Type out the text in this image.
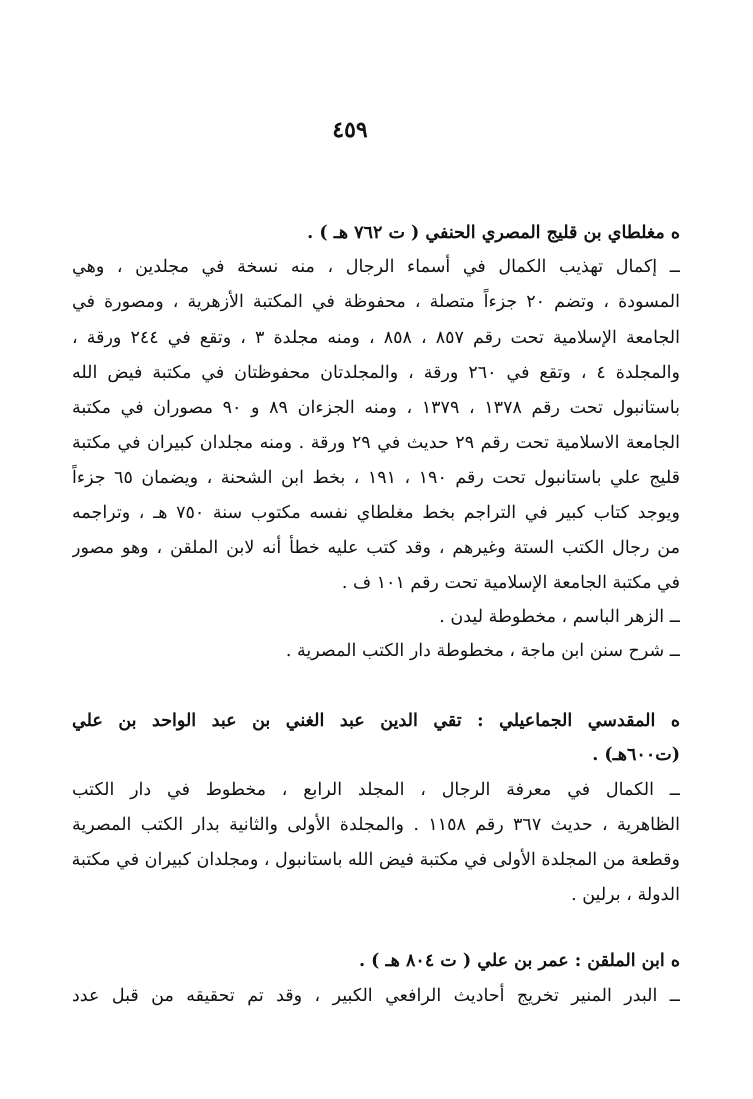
٤٥٩
ه مغلطاي بن قليج المصري الحنفي ( ت ٧٦٢ هـ ) .
ــ إكمال تهذيب الكمال في أسماء الرجال ، منه نسخة في مجلدين ، وهي
المسودة ، وتضم ٢٠ جزءاً متصلة ، محفوظة في المكتبة الأزهرية ، ومصورة في
الجامعة الإسلامية تحت رقم ٨٥٧ ، ٨٥٨ ، ومنه مجلدة ٣ ، وتقع في ٢٤٤ ورقة ،
والمجلدة ٤ ، وتقع في ٢٦٠ ورقة ، والمجلدتان محفوظتان في مكتبة فيض الله
باستانبول تحت رقم ١٣٧٨ ، ١٣٧٩ ، ومنه الجزءان ٨٩ و ٩٠ مصوران في مكتبة
الجامعة الاسلامية تحت رقم ٢٩ حديث في ٢٩ ورقة . ومنه مجلدان كبيران في مكتبة
قليج علي باستانبول تحت رقم ١٩٠ ، ١٩١ ، بخط ابن الشحنة ، ويضمان ٦٥ جزءاً
ويوجد كتاب كبير في التراجم بخط مغلطاي نفسه مكتوب سنة ٧٥٠ هـ ، وتراجمه
من رجال الكتب الستة وغيرهم ، وقد كتب عليه خطأ أنه لابن الملقن ، وهو مصور
في مكتبة الجامعة الإسلامية تحت رقم ١٠١ ف .
ــ الزهر الباسم ، مخطوطة ليدن .
ــ شرح سنن ابن ماجة ، مخطوطة دار الكتب المصرية .
ه المقدسي الجماعيلي : تقي الدين عبد الغني بن عبد الواحد بن علي
(ت٦٠٠هـ) .
ــ الكمال في معرفة الرجال ، المجلد الرابع ، مخطوط في دار الكتب
الظاهرية ، حديث ٣٦٧ رقم ١١٥٨ . والمجلدة الأولى والثانية بدار الكتب المصرية
وقطعة من المجلدة الأولى في مكتبة فيض الله باستانبول ، ومجلدان كبيران في مكتبة
الدولة ، برلين .
ه ابن الملقن : عمر بن علي ( ت ٨٠٤ هـ ) .
ــ البدر المنير تخريج أحاديث الرافعي الكبير ، وقد تم تحقيقه من قبل عدد
